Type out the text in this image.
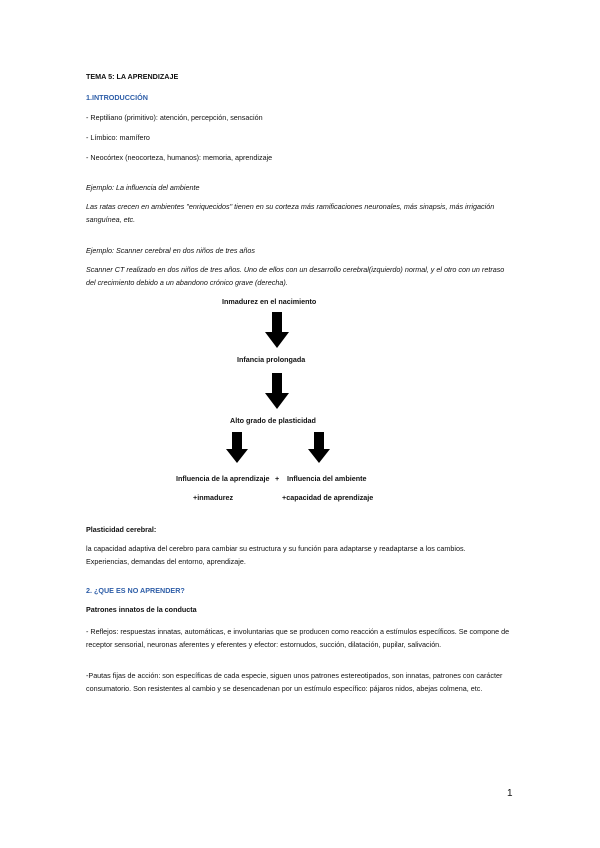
TEMA 5: LA APRENDIZAJE
1.INTRODUCCIÓN
- Reptiliano (primitivo): atención, percepción, sensación
- Límbico: mamífero
- Neocórtex (neocorteza, humanos): memoria, aprendizaje
Ejemplo: La influencia del ambiente
Las ratas crecen en ambientes "enriquecidos" tienen en su corteza más ramificaciones neuronales, más sinapsis, más irrigación sanguínea, etc.
Ejemplo: Scanner cerebral en dos niños de tres años
Scanner CT realizado en dos niños de tres años. Uno de ellos con un desarrollo cerebral(izquierdo) normal, y el otro con un retraso del crecimiento debido a un abandono crónico grave (derecha).
Inmadurez en el nacimiento
Infancia prolongada
Alto grado de plasticidad
Influencia de la aprendizaje + Influencia del ambiente
+inmadurez	+capacidad de aprendizaje
Plasticidad cerebral:
la capacidad adaptiva del cerebro para cambiar su estructura y su función para adaptarse y readaptarse a los cambios. Experiencias, demandas del entorno, aprendizaje.
2. ¿QUE ES NO APRENDER?
Patrones innatos de la conducta
- Reflejos: respuestas innatas, automáticas, e involuntarias que se producen como reacción a estímulos específicos. Se compone de receptor sensorial, neuronas aferentes y eferentes y efector: estornudos, succión, dilatación, pupilar, salivación.
-Pautas fijas de acción: son específicas de cada especie, siguen unos patrones estereotipados, son innatas, patrones con carácter consumatorio. Son resistentes al cambio y se desencadenan por un estímulo específico: pájaros nidos, abejas colmena, etc.
1
